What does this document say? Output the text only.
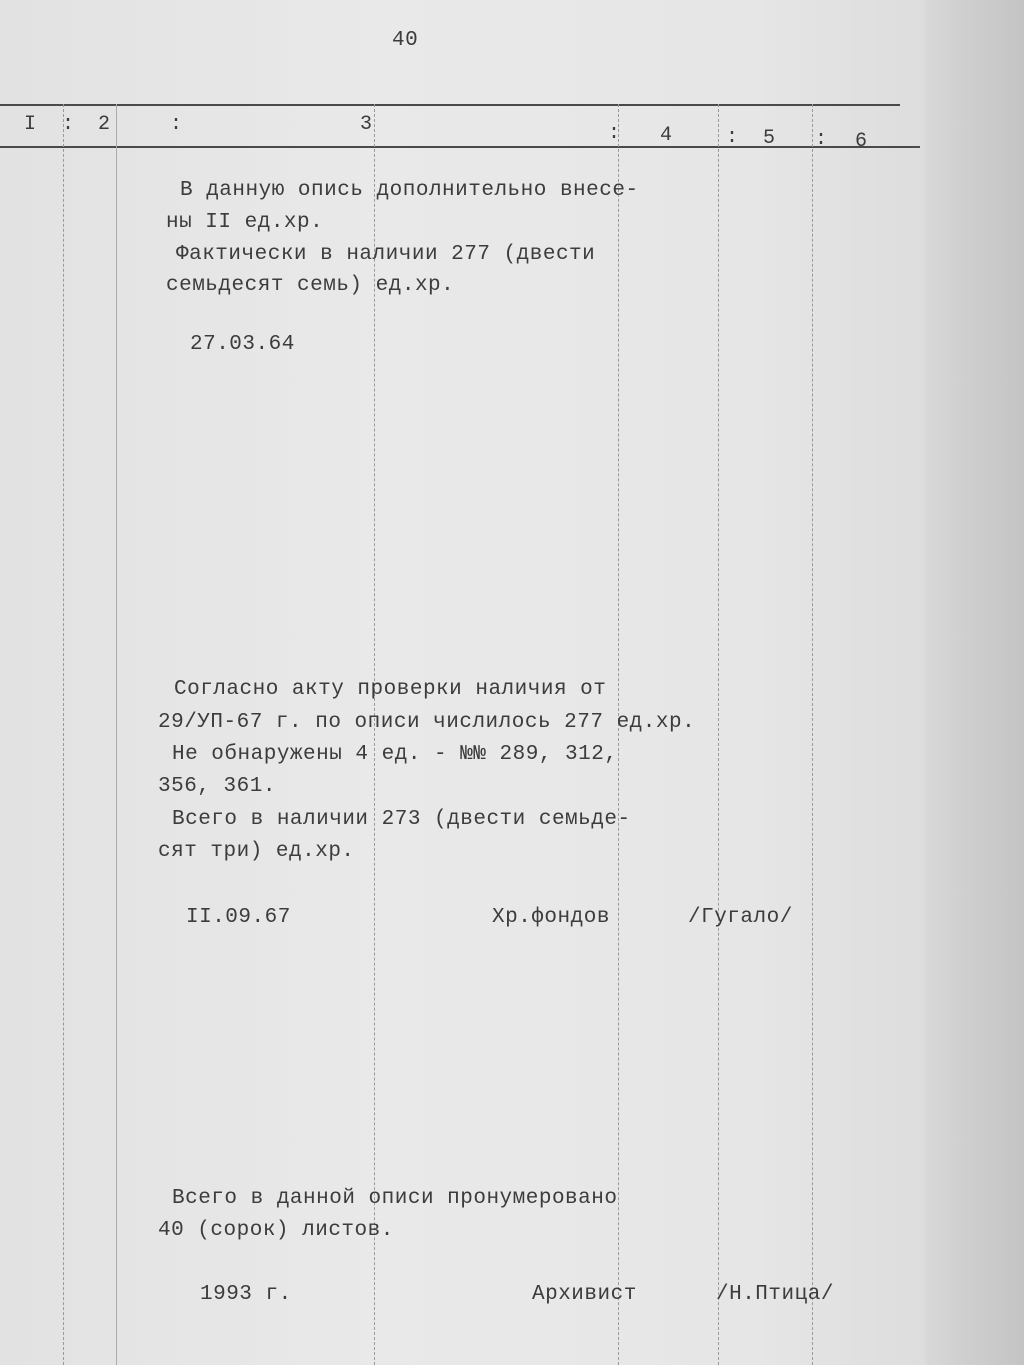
40
I : 2	:	3	: 4	: 5 : 6
В данную опись дополнительно внесе-
ны II ед.хр.
Фактически в наличии 277 (двести
семьдесят семь) ед.хр.
27.03.64
Согласно акту проверки наличия от
29/УП-67 г. по описи числилось 277 ед.хр.
Не обнаружены 4 ед. - №№ 289, 312,
356, 361.
Всего в наличии 273 (двести семьде-
сят три) ед.хр.
II.09.67	Хр.фондов	/Гугало/
Всего в данной описи пронумеровано
40 (сорок) листов.
1993 г.	Архивист	/Н.Птица/
